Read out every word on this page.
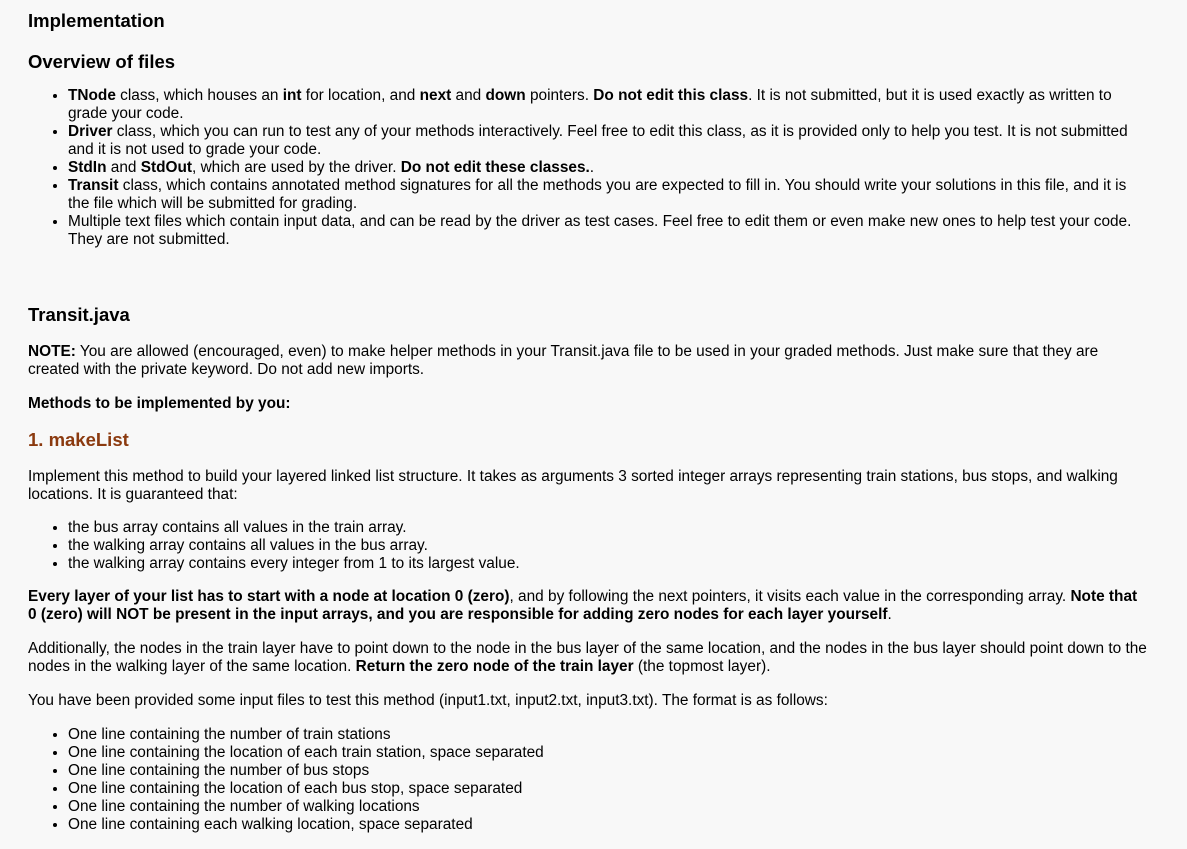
Implementation
Overview of files
• TNode class, which houses an int for location, and next and down pointers. Do not edit this class. It is not submitted, but it is used exactly as written to grade your code.
• Driver class, which you can run to test any of your methods interactively. Feel free to edit this class, as it is provided only to help you test. It is not submitted and it is not used to grade your code.
• StdIn and StdOut, which are used by the driver. Do not edit these classes..
• Transit class, which contains annotated method signatures for all the methods you are expected to fill in. You should write your solutions in this file, and it is the file which will be submitted for grading.
• Multiple text files which contain input data, and can be read by the driver as test cases. Feel free to edit them or even make new ones to help test your code. They are not submitted.
Transit.java

NOTE: You are allowed (encouraged, even) to make helper methods in your Transit.java file to be used in your graded methods. Just make sure that they are created with the private keyword. Do not add new imports.

Methods to be implemented by you:

1. makeList

Implement this method to build your layered linked list structure. It takes as arguments 3 sorted integer arrays representing train stations, bus stops, and walking locations. It is guaranteed that:

• the bus array contains all values in the train array.
• the walking array contains all values in the bus array.
• the walking array contains every integer from 1 to its largest value.

Every layer of your list has to start with a node at location 0 (zero), and by following the next pointers, it visits each value in the corresponding array. Note that 0 (zero) will NOT be present in the input arrays, and you are responsible for adding zero nodes for each layer yourself.

Additionally, the nodes in the train layer have to point down to the node in the bus layer of the same location, and the nodes in the bus layer should point down to the nodes in the walking layer of the same location. Return the zero node of the train layer (the topmost layer).

You have been provided some input files to test this method (input1.txt, input2.txt, input3.txt). The format is as follows:

• One line containing the number of train stations
• One line containing the location of each train station, space separated
• One line containing the number of bus stops
• One line containing the location of each bus stop, space separated
• One line containing the number of walking locations
• One line containing each walking location, space separated
